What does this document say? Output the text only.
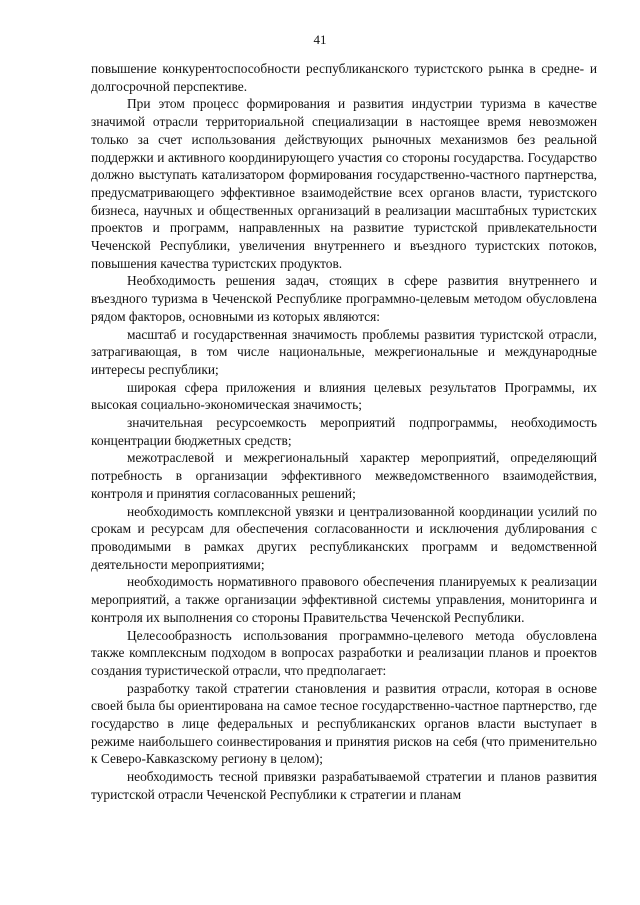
41

повышение конкурентоспособности республиканского туристского рынка в средне- и долгосрочной перспективе.

При этом процесс формирования и развития индустрии туризма в качестве значимой отрасли территориальной специализации в настоящее время невозможен только за счет использования действующих рыночных механизмов без реальной поддержки и активного координирующего участия со стороны государства. Государство должно выступать катализатором формирования государственно-частного партнерства, предусматривающего эффективное взаимодействие всех органов власти, туристского бизнеса, научных и общественных организаций в реализации масштабных туристских проектов и программ, направленных на развитие туристской привлекательности Чеченской Республики, увеличения внутреннего и въездного туристских потоков, повышения качества туристских продуктов.

Необходимость решения задач, стоящих в сфере развития внутреннего и въездного туризма в Чеченской Республике программно-целевым методом обусловлена рядом факторов, основными из которых являются:

масштаб и государственная значимость проблемы развития туристской отрасли, затрагивающая, в том числе национальные, межрегиональные и международные интересы республики;

широкая сфера приложения и влияния целевых результатов Программы, их высокая социально-экономическая значимость;

значительная ресурсоемкость мероприятий подпрограммы, необходимость концентрации бюджетных средств;

межотраслевой и межрегиональный характер мероприятий, определяющий потребность в организации эффективного межведомственного взаимодействия, контроля и принятия согласованных решений;

необходимость комплексной увязки и централизованной координации усилий по срокам и ресурсам для обеспечения согласованности и исключения дублирования с проводимыми в рамках других республиканских программ и ведомственной деятельности мероприятиями;

необходимость нормативного правового обеспечения планируемых к реализации мероприятий, а также организации эффективной системы управления, мониторинга и контроля их выполнения со стороны Правительства Чеченской Республики.

Целесообразность использования программно-целевого метода обусловлена также комплексным подходом в вопросах разработки и реализации планов и проектов создания туристической отрасли, что предполагает:

разработку такой стратегии становления и развития отрасли, которая в основе своей была бы ориентирована на самое тесное государственно-частное партнерство, где государство в лице федеральных и республиканских органов власти выступает в режиме наибольшего соинвестирования и принятия рисков на себя (что применительно к Северо-Кавказскому региону в целом);

необходимость тесной привязки разрабатываемой стратегии и планов развития туристской отрасли Чеченской Республики к стратегии и планам
